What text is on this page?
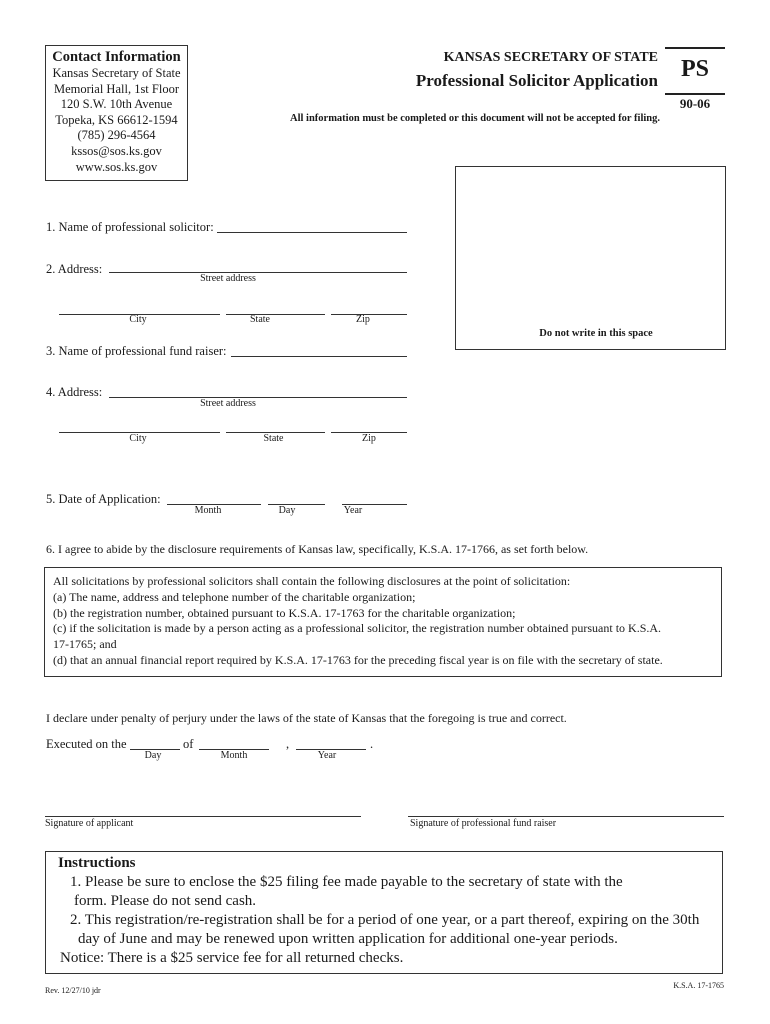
Contact Information
Kansas Secretary of State
Memorial Hall, 1st Floor
120 S.W. 10th Avenue
Topeka, KS 66612-1594
(785) 296-4564
kssos@sos.ks.gov
www.sos.ks.gov
KANSAS SECRETARY OF STATE
Professional Solicitor Application PS
90-06
All information must be completed or this document will not be accepted for filing.
Do not write in this space
1. Name of professional solicitor:
2. Address:
Street address
City	State	Zip
3. Name of professional fund raiser:
4. Address:
Street address
City	State	Zip
5. Date of Application:
Month	Day	Year
6. I agree to abide by the disclosure requirements of Kansas law, specifically, K.S.A. 17-1766, as set forth below.

All solicitations by professional solicitors shall contain the following disclosures at the point of solicitation:

(a) The name, address and telephone number of the charitable organization;

(b) the registration number, obtained pursuant to K.S.A. 17-1763 for the charitable organization;

(c) if the solicitation is made by a person acting as a professional solicitor, the registration number obtained pursuant to K.S.A.

17-1765; and

(d) that an annual financial report required by K.S.A. 17-1763 for the preceding fiscal year is on file with the secretary of state.

I declare under penalty of perjury under the laws of the state of Kansas that the foregoing is true and correct.
Executed on the	of	,	.
Day	Month	Year
Signature of applicant	Signature of professional fund raiser
Instructions
1. Please be sure to enclose the $25 filing fee made payable to the secretary of state with the
form. Please do not send cash.
2. This registration/re-registration shall be for a period of one year, or a part thereof, expiring on the 30th
day of June and may be renewed upon written application for additional one-year periods.
Notice: There is a $25 service fee for all returned checks.
Rev. 12/27/10 jdr
K.S.A. 17-1765
